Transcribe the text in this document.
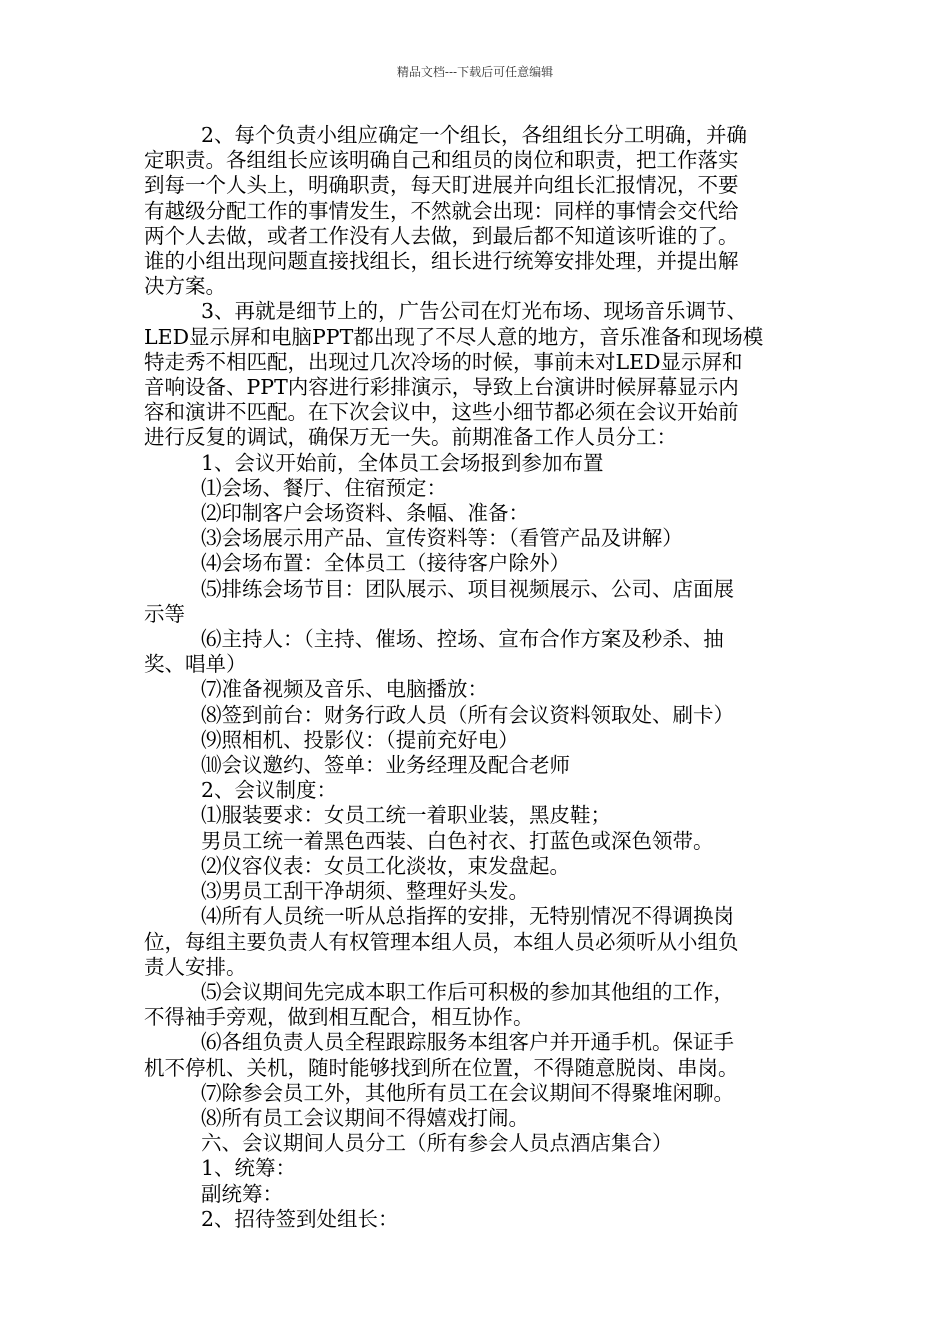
精品文档---下载后可任意编辑

2、每个负责小组应确定一个组长，各组组长分工明确，并确

定职责。各组组长应该明确自己和组员的岗位和职责，把工作落实

到每一个人头上，明确职责，每天盯进展并向组长汇报情况，不要

有越级分配工作的事情发生，不然就会出现：同样的事情会交代给

两个人去做，或者工作没有人去做，到最后都不知道该听谁的了。

谁的小组出现问题直接找组长，组长进行统筹安排处理，并提出解

决方案。

3、再就是细节上的，广告公司在灯光布场、现场音乐调节、

LED显示屏和电脑PPT都出现了不尽人意的地方，音乐准备和现场模

特走秀不相匹配，出现过几次冷场的时候，事前未对LED显示屏和

音响设备、PPT内容进行彩排演示，导致上台演讲时候屏幕显示内

容和演讲不匹配。在下次会议中，这些小细节都必须在会议开始前

进行反复的调试，确保万无一失。前期准备工作人员分工：

1、会议开始前，全体员工会场报到参加布置

⑴会场、餐厅、住宿预定：

⑵印制客户会场资料、条幅、准备：

⑶会场展示用产品、宣传资料等：（看管产品及讲解）

⑷会场布置：全体员工（接待客户除外）

⑸排练会场节目：团队展示、项目视频展示、公司、店面展

示等

⑹主持人：（主持、催场、控场、宣布合作方案及秒杀、抽

奖、唱单）

⑺准备视频及音乐、电脑播放：

⑻签到前台：财务行政人员（所有会议资料领取处、刷卡）

⑼照相机、投影仪：（提前充好电）

⑽会议邀约、签单：业务经理及配合老师

2、会议制度：

⑴服装要求：女员工统一着职业装，黑皮鞋；

男员工统一着黑色西装、白色衬衣、打蓝色或深色领带。

⑵仪容仪表：女员工化淡妆，束发盘起。

⑶男员工刮干净胡须、整理好头发。

⑷所有人员统一听从总指挥的安排，无特别情况不得调换岗

位，每组主要负责人有权管理本组人员，本组人员必须听从小组负

责人安排。

⑸会议期间先完成本职工作后可积极的参加其他组的工作，

不得袖手旁观，做到相互配合，相互协作。

⑹各组负责人员全程跟踪服务本组客户并开通手机。保证手

机不停机、关机，随时能够找到所在位置，不得随意脱岗、串岗。

⑺除参会员工外，其他所有员工在会议期间不得聚堆闲聊。

⑻所有员工会议期间不得嬉戏打闹。

六、会议期间人员分工（所有参会人员点酒店集合）

1、统筹：

副统筹：

2、招待签到处组长：
